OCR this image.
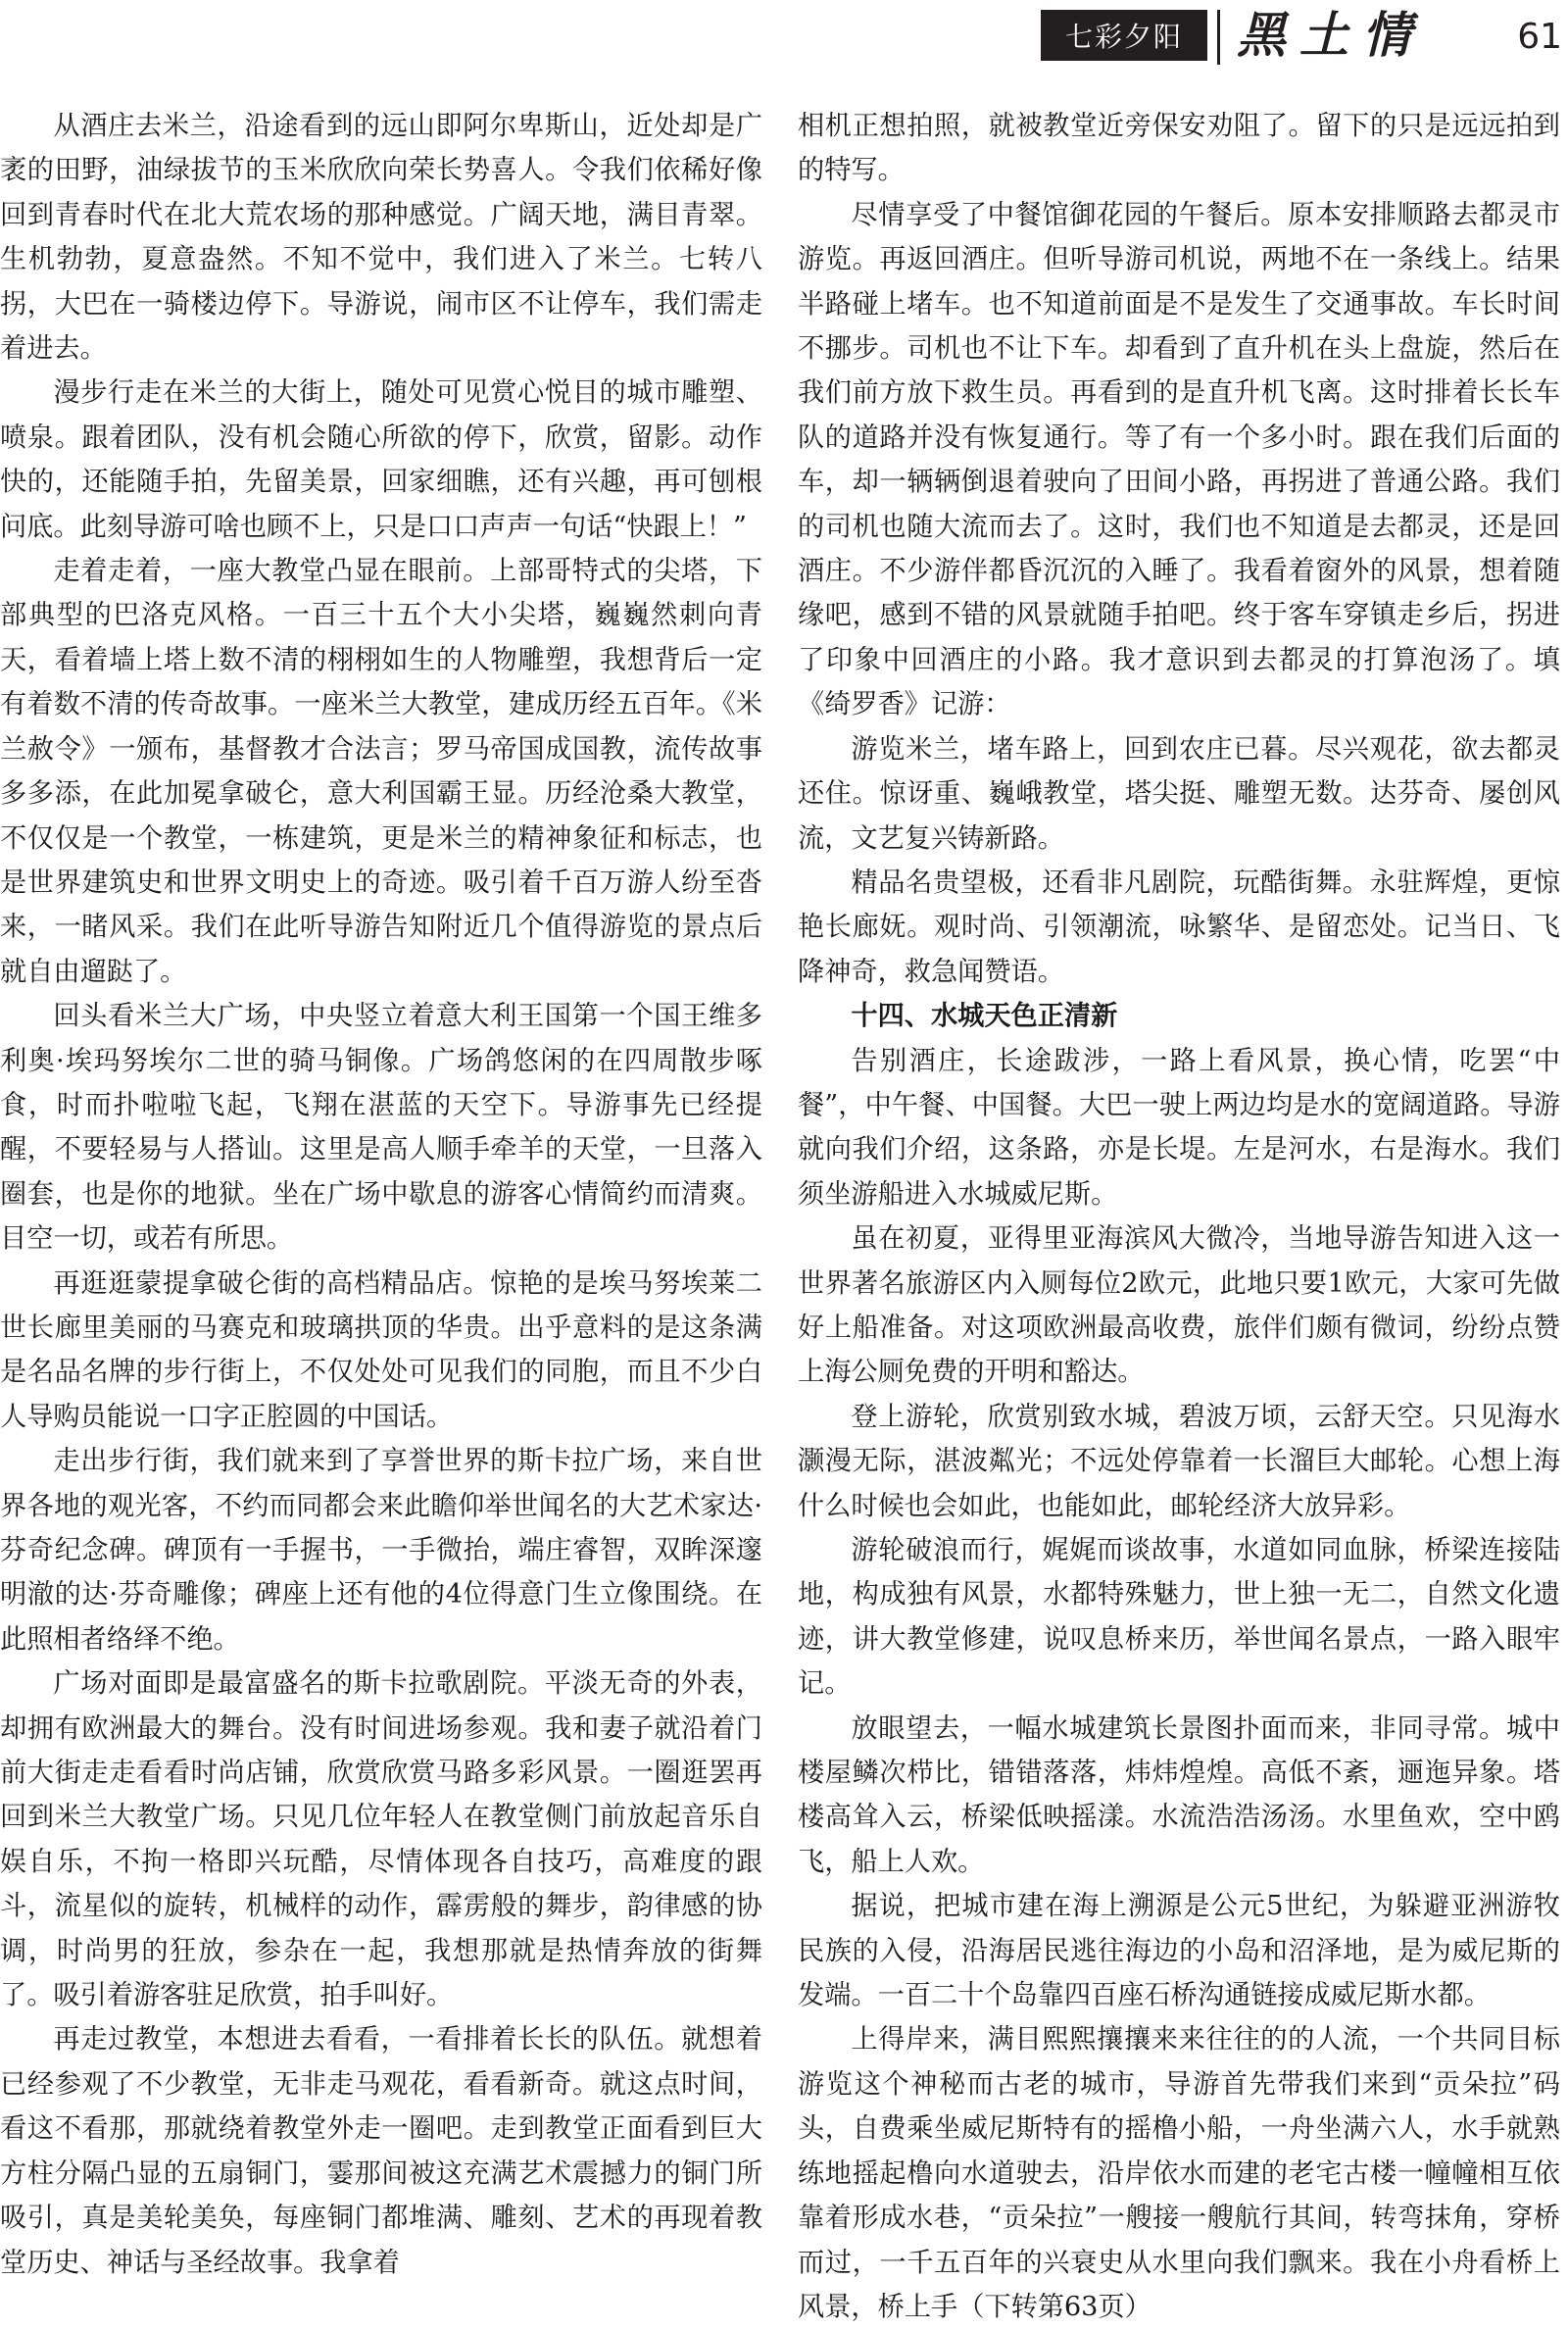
七彩夕阳	黑土情	61

从酒庄去米兰，沿途看到的远山即阿尔卑斯山，近处却是广袤的田野，油绿拔节的玉米欣欣向荣长势喜人。令我们依稀好像回到青春时代在北大荒农场的那种感觉。广阔天地，满目青翠。生机勃勃，夏意盎然。不知不觉中，我们进入了米兰。七转八拐，大巴在一骑楼边停下。导游说，闹市区不让停车，我们需走着进去。

漫步行走在米兰的大街上，随处可见赏心悦目的城市雕塑、喷泉。跟着团队，没有机会随心所欲的停下，欣赏，留影。动作快的，还能随手拍，先留美景，回家细瞧，还有兴趣，再可刨根问底。此刻导游可啥也顾不上，只是口口声声一句话“快跟上！”

走着走着，一座大教堂凸显在眼前。上部哥特式的尖塔，下部典型的巴洛克风格。一百三十五个大小尖塔，巍巍然刺向青天，看着墙上塔上数不清的栩栩如生的人物雕塑，我想背后一定有着数不清的传奇故事。一座米兰大教堂，建成历经五百年。《米兰赦令》一颁布，基督教才合法言；罗马帝国成国教，流传故事多多添，在此加冕拿破仑，意大利国霸王显。历经沧桑大教堂，不仅仅是一个教堂，一栋建筑，更是米兰的精神象征和标志，也是世界建筑史和世界文明史上的奇迹。吸引着千百万游人纷至沓来，一睹风采。我们在此听导游告知附近几个值得游览的景点后就自由遛跶了。

回头看米兰大广场，中央竖立着意大利王国第一个国王维多利奥·埃玛努埃尔二世的骑马铜像。广场鸽悠闲的在四周散步啄食，时而扑啦啦飞起，飞翔在湛蓝的天空下。导游事先已经提醒，不要轻易与人搭讪。这里是高人顺手牵羊的天堂，一旦落入圈套，也是你的地狱。坐在广场中歇息的游客心情简约而清爽。目空一切，或若有所思。

再逛逛蒙提拿破仑街的高档精品店。惊艳的是埃马努埃莱二世长廊里美丽的马赛克和玻璃拱顶的华贵。出乎意料的是这条满是名品名牌的步行街上，不仅处处可见我们的同胞，而且不少白人导购员能说一口字正腔圆的中国话。

走出步行街，我们就来到了享誉世界的斯卡拉广场，来自世界各地的观光客，不约而同都会来此瞻仰举世闻名的大艺术家达·芬奇纪念碑。碑顶有一手握书，一手微抬，端庄睿智，双眸深邃明澈的达·芬奇雕像；碑座上还有他的4位得意门生立像围绕。在此照相者络绎不绝。

广场对面即是最富盛名的斯卡拉歌剧院。平淡无奇的外表，却拥有欧洲最大的舞台。没有时间进场参观。我和妻子就沿着门前大街走走看看时尚店铺，欣赏欣赏马路多彩风景。一圈逛罢再回到米兰大教堂广场。只见几位年轻人在教堂侧门前放起音乐自娱自乐，不拘一格即兴玩酷，尽情体现各自技巧，高难度的跟斗，流星似的旋转，机械样的动作，霹雳般的舞步，韵律感的协调，时尚男的狂放，参杂在一起，我想那就是热情奔放的街舞了。吸引着游客驻足欣赏，拍手叫好。

再走过教堂，本想进去看看，一看排着长长的队伍。就想着已经参观了不少教堂，无非走马观花，看看新奇。就这点时间，看这不看那，那就绕着教堂外走一圈吧。走到教堂正面看到巨大方柱分隔凸显的五扇铜门，霎那间被这充满艺术震撼力的铜门所吸引，真是美轮美奂，每座铜门都堆满、雕刻、艺术的再现着教堂历史、神话与圣经故事。我拿着

相机正想拍照，就被教堂近旁保安劝阻了。留下的只是远远拍到的特写。

尽情享受了中餐馆御花园的午餐后。原本安排顺路去都灵市游览。再返回酒庄。但听导游司机说，两地不在一条线上。结果半路碰上堵车。也不知道前面是不是发生了交通事故。车长时间不挪步。司机也不让下车。却看到了直升机在头上盘旋，然后在我们前方放下救生员。再看到的是直升机飞离。这时排着长长车队的道路并没有恢复通行。等了有一个多小时。跟在我们后面的车，却一辆辆倒退着驶向了田间小路，再拐进了普通公路。我们的司机也随大流而去了。这时，我们也不知道是去都灵，还是回酒庄。不少游伴都昏沉沉的入睡了。我看着窗外的风景，想着随缘吧，感到不错的风景就随手拍吧。终于客车穿镇走乡后，拐进了印象中回酒庄的小路。我才意识到去都灵的打算泡汤了。填《绮罗香》记游：

游览米兰，堵车路上，回到农庄已暮。尽兴观花，欲去都灵还住。惊讶重、巍峨教堂，塔尖挺、雕塑无数。达芬奇、屡创风流，文艺复兴铸新路。

精品名贵望极，还看非凡剧院，玩酷街舞。永驻辉煌，更惊艳长廊妩。观时尚、引领潮流，咏繁华、是留恋处。记当日、飞降神奇，救急闻赞语。

十四、水城天色正清新

告别酒庄，长途跋涉，一路上看风景，换心情，吃罢“中餐”，中午餐、中国餐。大巴一驶上两边均是水的宽阔道路。导游就向我们介绍，这条路，亦是长堤。左是河水，右是海水。我们须坐游船进入水城威尼斯。

虽在初夏，亚得里亚海滨风大微冷，当地导游告知进入这一世界著名旅游区内入厕每位2欧元，此地只要1欧元，大家可先做好上船准备。对这项欧洲最高收费，旅伴们颇有微词，纷纷点赞上海公厕免费的开明和豁达。

登上游轮，欣赏别致水城，碧波万顷，云舒天空。只见海水灏漫无际，湛波粼光；不远处停靠着一长溜巨大邮轮。心想上海什么时候也会如此，也能如此，邮轮经济大放异彩。

游轮破浪而行，娓娓而谈故事，水道如同血脉，桥梁连接陆地，构成独有风景，水都特殊魅力，世上独一无二，自然文化遗迹，讲大教堂修建，说叹息桥来历，举世闻名景点，一路入眼牢记。

放眼望去，一幅水城建筑长景图扑面而来，非同寻常。城中楼屋鳞次栉比，错错落落，炜炜煌煌。高低不紊，逦迤异象。塔楼高耸入云，桥梁低映摇漾。水流浩浩汤汤。水里鱼欢，空中鸥飞，船上人欢。

据说，把城市建在海上溯源是公元5世纪，为躲避亚洲游牧民族的入侵，沿海居民逃往海边的小岛和沼泽地，是为威尼斯的发端。一百二十个岛靠四百座石桥沟通链接成威尼斯水都。

上得岸来，满目熙熙攘攘来来往往的的人流，一个共同目标游览这个神秘而古老的城市，导游首先带我们来到“贡朵拉”码头，自费乘坐威尼斯特有的摇橹小船，一舟坐满六人，水手就熟练地摇起橹向水道驶去，沿岸依水而建的老宅古楼一幢幢相互依靠着形成水巷，“贡朵拉”一艘接一艘航行其间，转弯抹角，穿桥而过，一千五百年的兴衰史从水里向我们飘来。我在小舟看桥上风景，桥上手（下转第63页）
